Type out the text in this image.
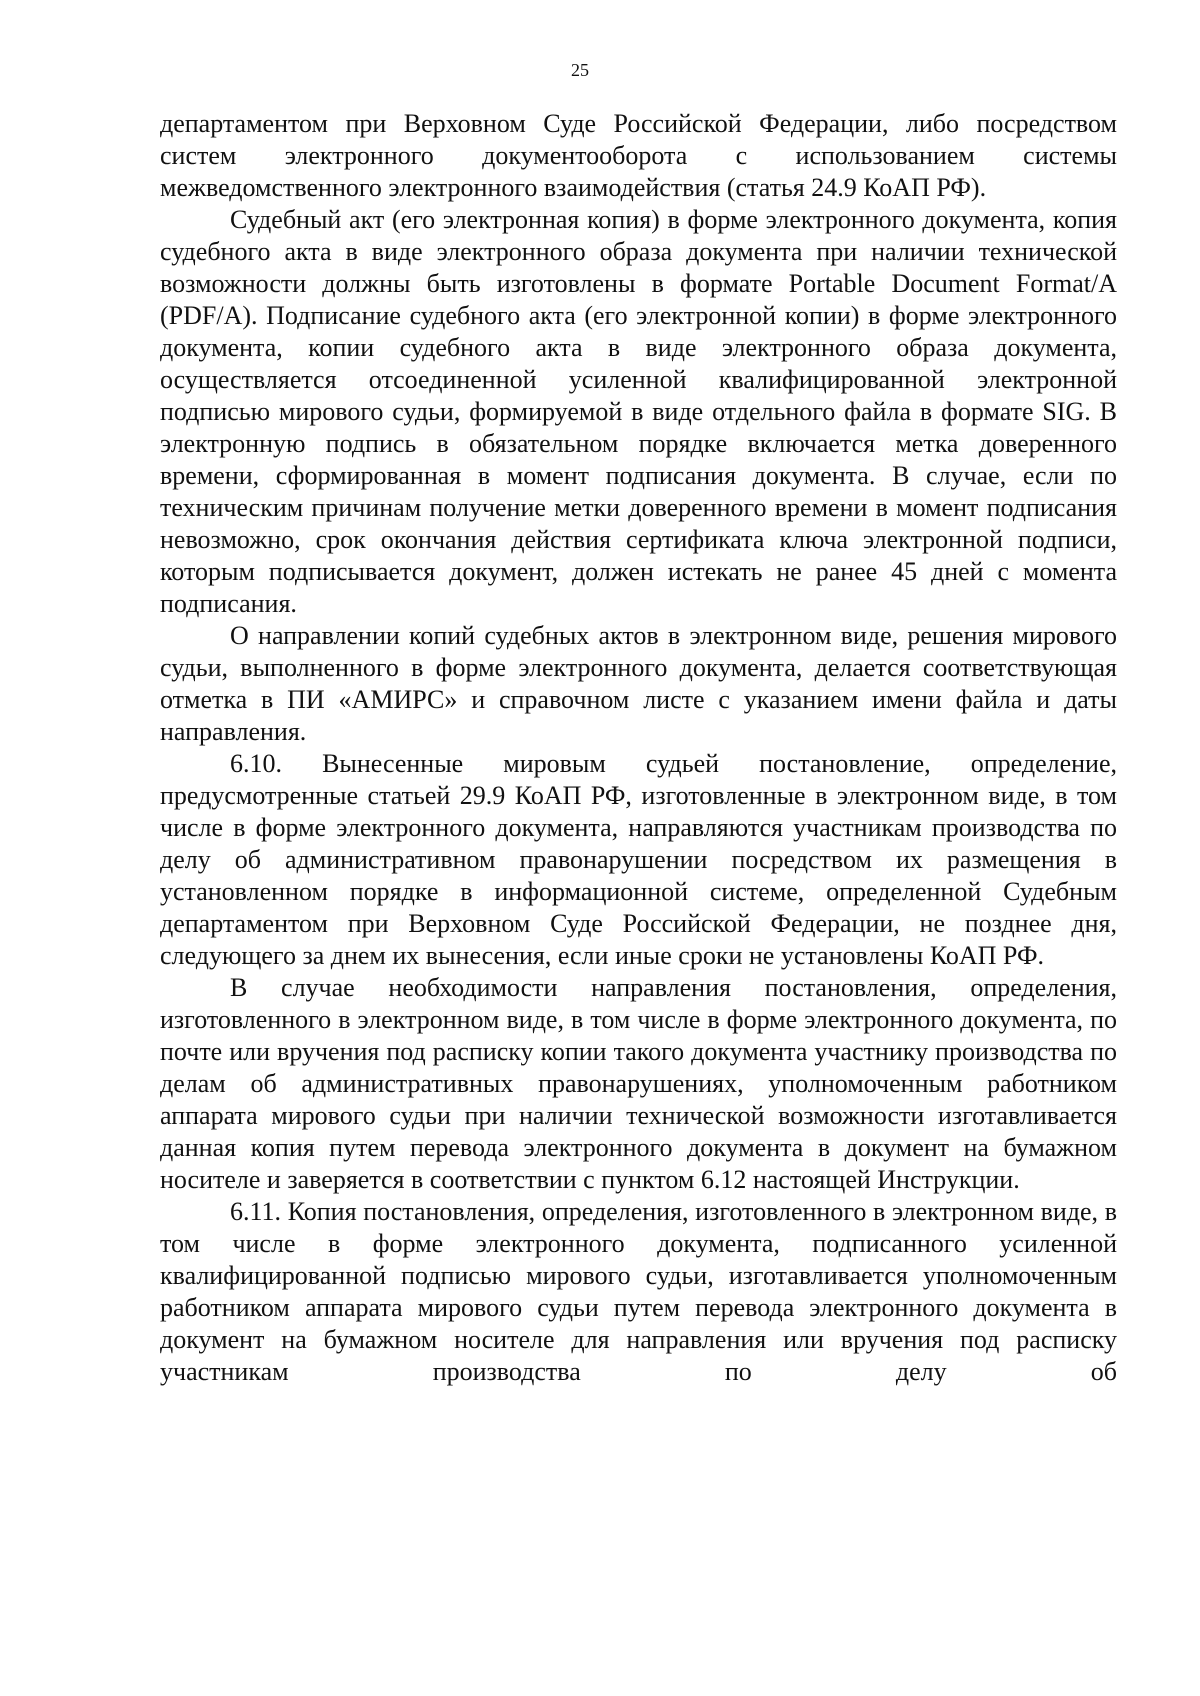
25

департаментом при Верховном Суде Российской Федерации, либо посредством систем электронного документооборота с использованием системы межведомственного электронного взаимодействия (статья 24.9 КоАП РФ).

Судебный акт (его электронная копия) в форме электронного документа, копия судебного акта в виде электронного образа документа при наличии технической возможности должны быть изготовлены в формате Portable Document Format/A (PDF/A). Подписание судебного акта (его электронной копии) в форме электронного документа, копии судебного акта в виде электронного образа документа, осуществляется отсоединенной усиленной квалифицированной электронной подписью мирового судьи, формируемой в виде отдельного файла в формате SIG. В электронную подпись в обязательном порядке включается метка доверенного времени, сформированная в момент подписания документа. В случае, если по техническим причинам получение метки доверенного времени в момент подписания невозможно, срок окончания действия сертификата ключа электронной подписи, которым подписывается документ, должен истекать не ранее 45 дней с момента подписания.

О направлении копий судебных актов в электронном виде, решения мирового судьи, выполненного в форме электронного документа, делается соответствующая отметка в ПИ «АМИРС» и справочном листе с указанием имени файла и даты направления.

6.10. Вынесенные мировым судьей постановление, определение, предусмотренные статьей 29.9 КоАП РФ, изготовленные в электронном виде, в том числе в форме электронного документа, направляются участникам производства по делу об административном правонарушении посредством их размещения в установленном порядке в информационной системе, определенной Судебным департаментом при Верховном Суде Российской Федерации, не позднее дня, следующего за днем их вынесения, если иные сроки не установлены КоАП РФ.

В случае необходимости направления постановления, определения, изготовленного в электронном виде, в том числе в форме электронного документа, по почте или вручения под расписку копии такого документа участнику производства по делам об административных правонарушениях, уполномоченным работником аппарата мирового судьи при наличии технической возможности изготавливается данная копия путем перевода электронного документа в документ на бумажном носителе и заверяется в соответствии с пунктом 6.12 настоящей Инструкции.

6.11. Копия постановления, определения, изготовленного в электронном виде, в том числе в форме электронного документа, подписанного усиленной квалифицированной подписью мирового судьи, изготавливается уполномоченным работником аппарата мирового судьи путем перевода электронного документа в документ на бумажном носителе для направления или вручения под расписку участникам производства по делу об
